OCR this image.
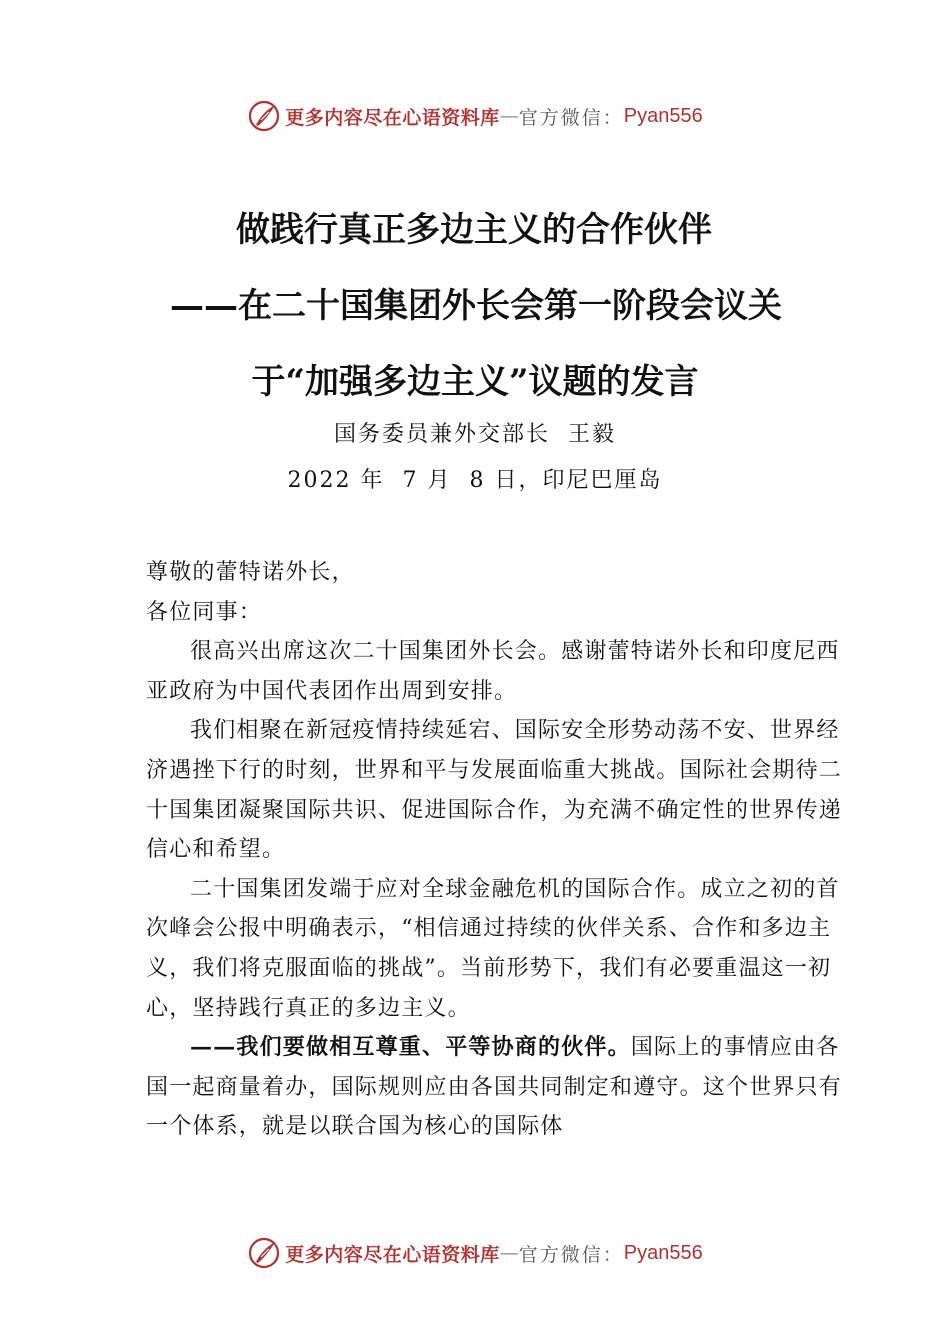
更多内容尽在心语资料库 — 官方微信： Pyan556
做践行真正多边主义的合作伙伴
——在二十国集团外长会第一阶段会议关
于“加强多边主义”议题的发言
国务委员兼外交部长  王毅
2022 年  7 月  8 日，印尼巴厘岛

尊敬的蕾特诺外长，

各位同事：

很高兴出席这次二十国集团外长会。感谢蕾特诺外长和印度尼西亚政府为中国代表团作出周到安排。

我们相聚在新冠疫情持续延宕、国际安全形势动荡不安、世界经济遇挫下行的时刻，世界和平与发展面临重大挑战。国际社会期待二十国集团凝聚国际共识、促进国际合作，为充满不确定性的世界传递信心和希望。

二十国集团发端于应对全球金融危机的国际合作。成立之初的首次峰会公报中明确表示，“相信通过持续的伙伴关系、合作和多边主义，我们将克服面临的挑战”。当前形势下，我们有必要重温这一初心，坚持践行真正的多边主义。

——我们要做相互尊重、平等协商的伙伴。国际上的事情应由各国一起商量着办，国际规则应由各国共同制定和遵守。这个世界只有一个体系，就是以联合国为核心的国际体

更多内容尽在心语资料库 — 官方微信： Pyan556
